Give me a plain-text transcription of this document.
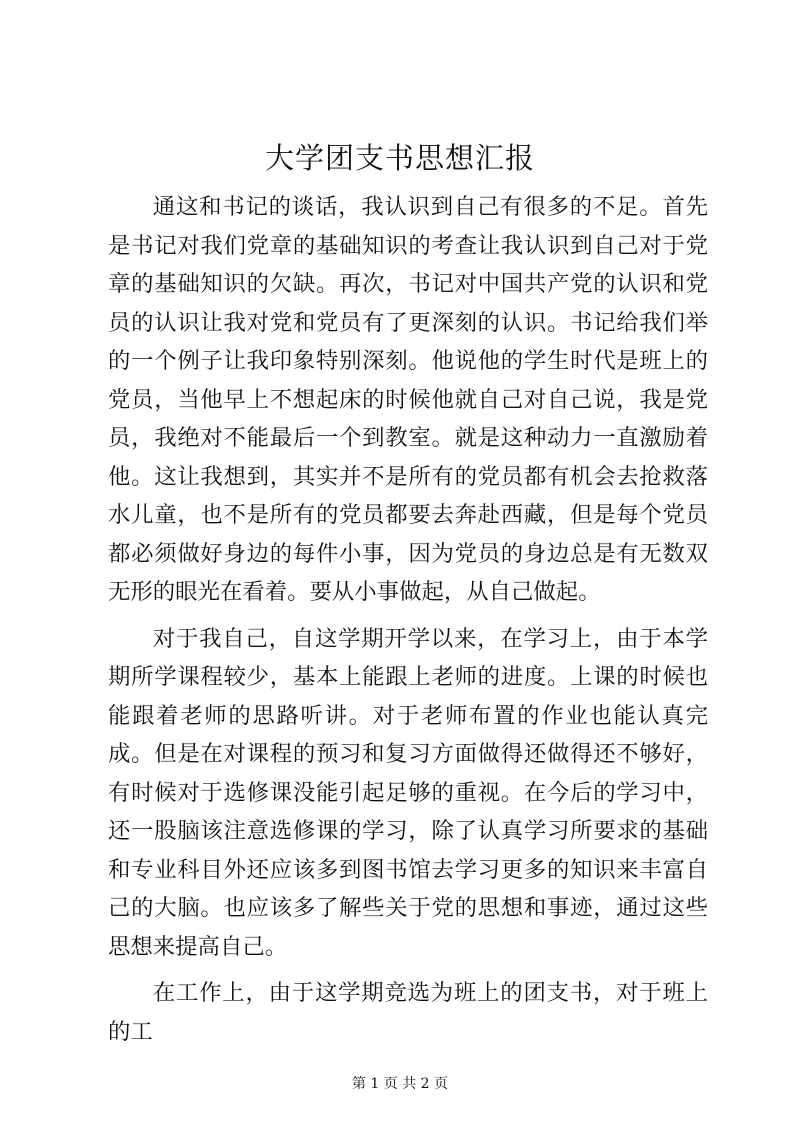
大学团支书思想汇报

通这和书记的谈话，我认识到自己有很多的不足。首先是书记对我们党章的基础知识的考查让我认识到自己对于党章的基础知识的欠缺。再次，书记对中国共产党的认识和党员的认识让我对党和党员有了更深刻的认识。书记给我们举的一个例子让我印象特别深刻。他说他的学生时代是班上的党员，当他早上不想起床的时候他就自己对自己说，我是党员，我绝对不能最后一个到教室。就是这种动力一直激励着他。这让我想到，其实并不是所有的党员都有机会去抢救落水儿童，也不是所有的党员都要去奔赴西藏，但是每个党员都必须做好身边的每件小事，因为党员的身边总是有无数双无形的眼光在看着。要从小事做起，从自己做起。

对于我自己，自这学期开学以来，在学习上，由于本学期所学课程较少，基本上能跟上老师的进度。上课的时候也能跟着老师的思路听讲。对于老师布置的作业也能认真完成。但是在对课程的预习和复习方面做得还做得还不够好，有时候对于选修课没能引起足够的重视。在今后的学习中，还一股脑该注意选修课的学习，除了认真学习所要求的基础和专业科目外还应该多到图书馆去学习更多的知识来丰富自己的大脑。也应该多了解些关于党的思想和事迹，通过这些思想来提高自己。

在工作上，由于这学期竞选为班上的团支书，对于班上的工

第 1 页 共 2 页
